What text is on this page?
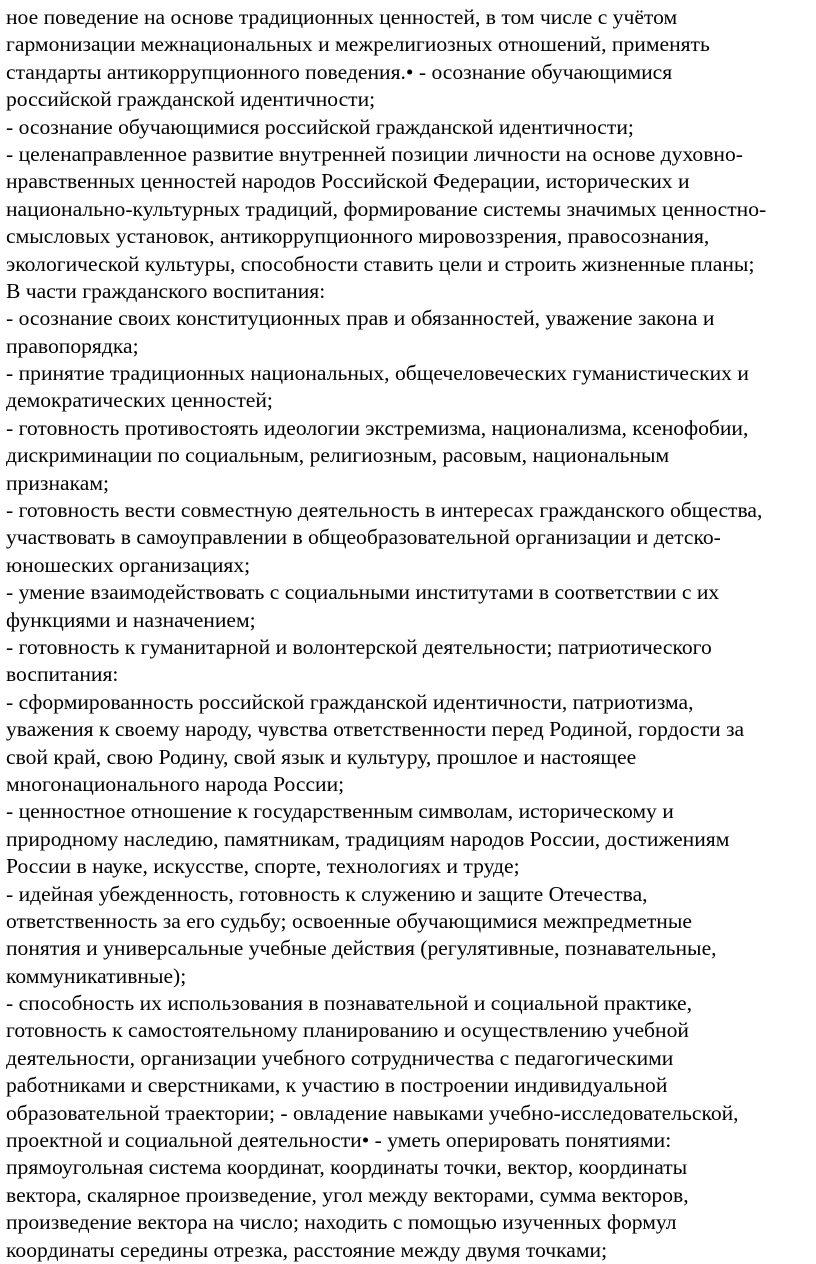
ное поведение на основе традиционных ценностей, в том числе с учётом
гармонизации межнациональных и межрелигиозных отношений, применять
стандарты антикоррупционного поведения.• - осознание обучающимися
российской гражданской идентичности;
- осознание обучающимися российской гражданской идентичности;
- целенаправленное развитие внутренней позиции личности на основе духовно-
нравственных ценностей народов Российской Федерации, исторических и
национально-культурных традиций, формирование системы значимых ценностно-
смысловых установок, антикоррупционного мировоззрения, правосознания,
экологической культуры, способности ставить цели и строить жизненные планы;
В части гражданского воспитания:
- осознание своих конституционных прав и обязанностей, уважение закона и
правопорядка;
- принятие традиционных национальных, общечеловеческих гуманистических и
демократических ценностей;
- готовность противостоять идеологии экстремизма, национализма, ксенофобии,
дискриминации по социальным, религиозным, расовым, национальным
признакам;
- готовность вести совместную деятельность в интересах гражданского общества,
участвовать в самоуправлении в общеобразовательной организации и детско-
юношеских организациях;
- умение взаимодействовать с социальными институтами в соответствии с их
функциями и назначением;
- готовность к гуманитарной и волонтерской деятельности; патриотического
воспитания:
- сформированность российской гражданской идентичности, патриотизма,
уважения к своему народу, чувства ответственности перед Родиной, гордости за
свой край, свою Родину, свой язык и культуру, прошлое и настоящее
многонационального народа России;
- ценностное отношение к государственным символам, историческому и
природному наследию, памятникам, традициям народов России, достижениям
России в науке, искусстве, спорте, технологиях и труде;
- идейная убежденность, готовность к служению и защите Отечества,
ответственность за его судьбу; освоенные обучающимися межпредметные
понятия и универсальные учебные действия (регулятивные, познавательные,
коммуникативные);
- способность их использования в познавательной и социальной практике,
готовность к самостоятельному планированию и осуществлению учебной
деятельности, организации учебного сотрудничества с педагогическими
работниками и сверстниками, к участию в построении индивидуальной
образовательной траектории; - овладение навыками учебно-исследовательской,
проектной и социальной деятельности• - уметь оперировать понятиями:
прямоугольная система координат, координаты точки, вектор, координаты
вектора, скалярное произведение, угол между векторами, сумма векторов,
произведение вектора на число; находить с помощью изученных формул
координаты середины отрезка, расстояние между двумя точками;
